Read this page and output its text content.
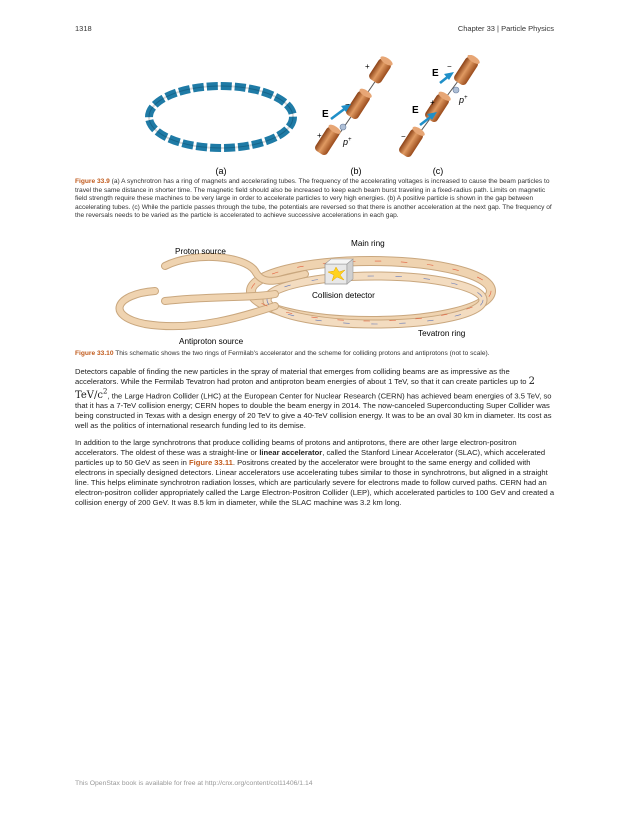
1318	Chapter 33 | Particle Physics
E
+
−
+
p+
E
E
−
+
−
p+
(a)	(b)	(c)
Figure 33.9 (a) A synchrotron has a ring of magnets and accelerating tubes. The frequency of the accelerating voltages is increased to cause the beam particles to travel the same distance in shorter time. The magnetic field should also be increased to keep each beam burst traveling in a fixed-radius path. Limits on magnetic field strength require these machines to be very large in order to accelerate particles to very high energies. (b) A positive particle is shown in the gap between accelerating tubes. (c) While the particle passes through the tube, the potentials are reversed so that there is another acceleration at the next gap. The frequency of the reversals needs to be varied as the particle is accelerated to achieve successive accelerations in each gap.
Proton source
Main ring
Collision detector
Tevatron ring
Antiproton source
Figure 33.10 This schematic shows the two rings of Fermilab's accelerator and the scheme for colliding protons and antiprotons (not to scale).

Detectors capable of finding the new particles in the spray of material that emerges from colliding beams are as impressive as the accelerators. While the Fermilab Tevatron had proton and antiproton beam energies of about 1 TeV, so that it can create particles up to 2 TeV/$c^2$, the Large Hadron Collider (LHC) at the European Center for Nuclear Research (CERN) has achieved beam energies of 3.5 TeV, so that it has a 7-TeV collision energy; CERN hopes to double the beam energy in 2014. The now-canceled Superconducting Super Collider was being constructed in Texas with a design energy of 20 TeV to give a 40-TeV collision energy. It was to be an oval 30 km in diameter. Its cost as well as the politics of international research funding led to its demise.

In addition to the large synchrotrons that produce colliding beams of protons and antiprotons, there are other large electron-positron accelerators. The oldest of these was a straight-line or linear accelerator, called the Stanford Linear Accelerator (SLAC), which accelerated particles up to 50 GeV as seen in Figure 33.11. Positrons created by the accelerator were brought to the same energy and collided with electrons in specially designed detectors. Linear accelerators use accelerating tubes similar to those in synchrotrons, but aligned in a straight line. This helps eliminate synchrotron radiation losses, which are particularly severe for electrons made to follow curved paths. CERN had an electron-positron collider appropriately called the Large Electron-Positron Collider (LEP), which accelerated particles to 100 GeV and created a collision energy of 200 GeV. It was 8.5 km in diameter, while the SLAC machine was 3.2 km long.

This OpenStax book is available for free at http://cnx.org/content/col11406/1.14
